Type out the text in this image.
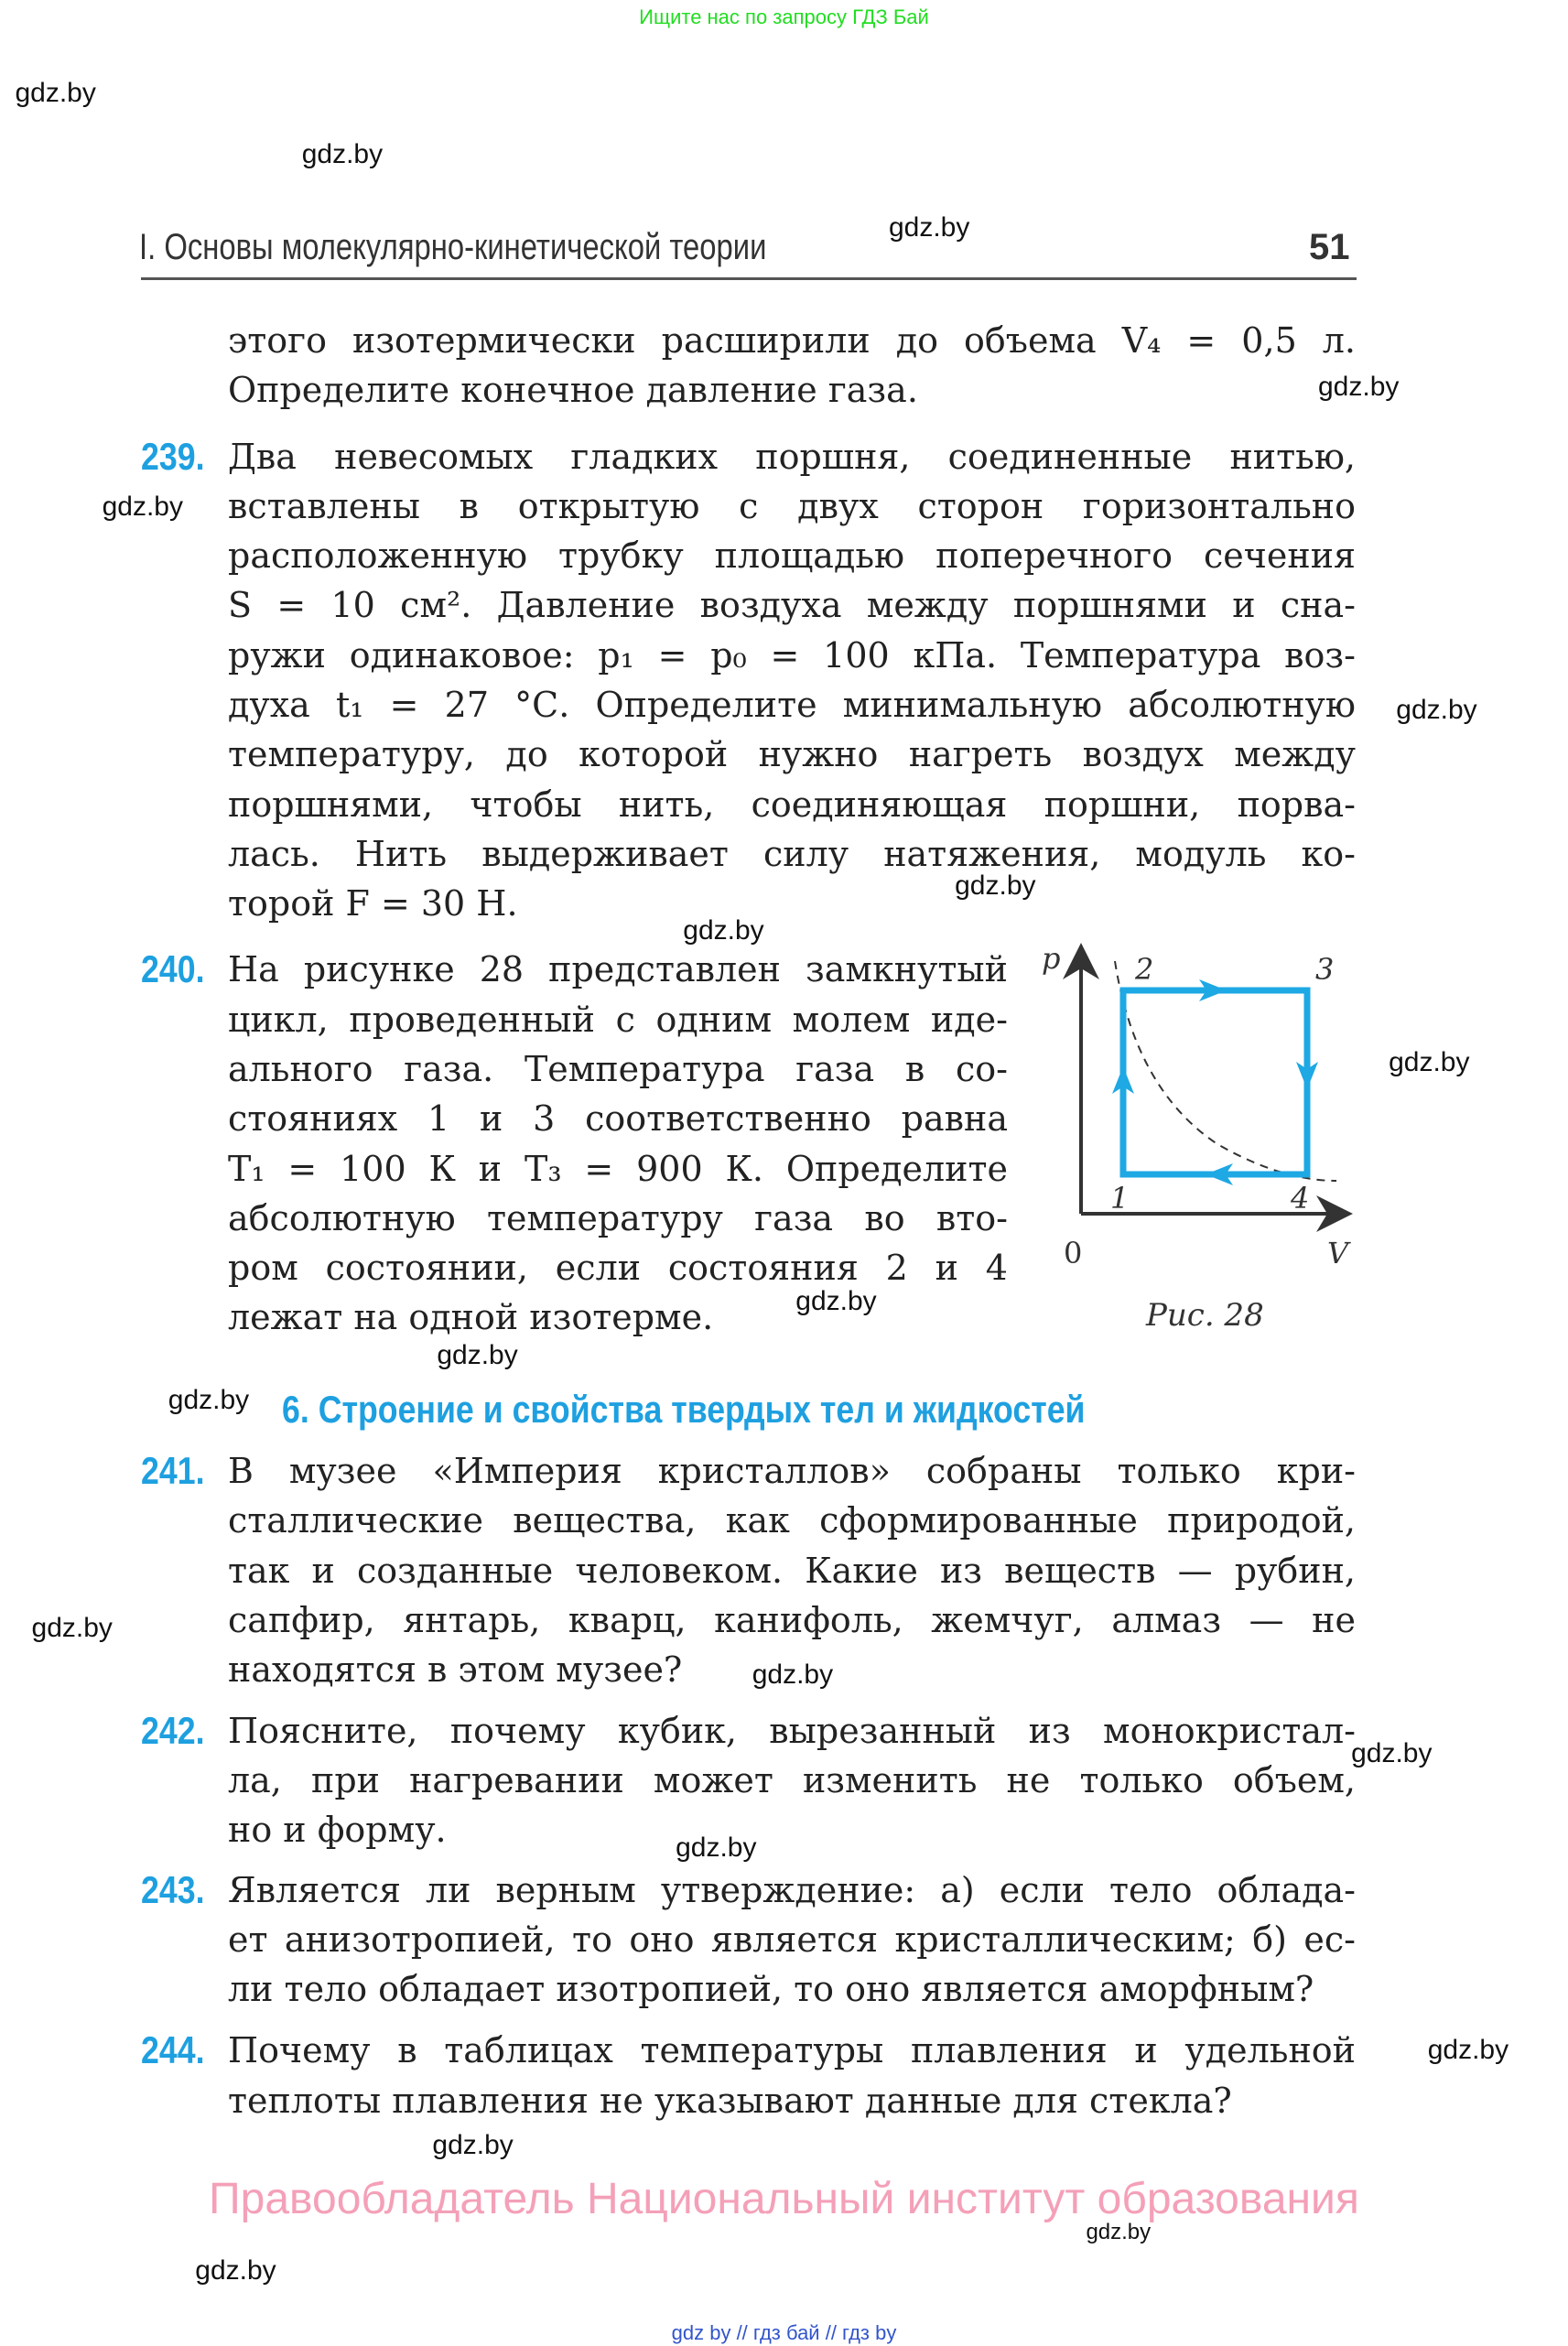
Ищите нас по запросу ГДЗ Бай
I. Основы молекулярно-кинетической теории	51
этого изотермически расширили до объема V₄ = 0,5 л.
Определите конечное давление газа.
239. Два невесомых гладких поршня, соединенные нитью,
вставлены в открытую с двух сторон горизонтально
расположенную трубку площадью поперечного сечения
S = 10 см². Давление воздуха между поршнями и сна-
ружи одинаковое: p₁ = p₀ = 100 кПа. Температура воз-
духа t₁ = 27 °С. Определите минимальную абсолютную
температуру, до которой нужно нагреть воздух между
поршнями, чтобы нить, соединяющая поршни, порва-
лась. Нить выдерживает силу натяжения, модуль ко-
торой F = 30 Н.
240. На рисунке 28 представлен замкнутый
цикл, проведенный с одним молем иде-
ального газа. Температура газа в со-
стояниях 1 и 3 соответственно равна
T₁ = 100 К и T₃ = 900 К. Определите
абсолютную температуру газа во вто-
ром состоянии, если состояния 2 и 4
лежат на одной изотерме.
241. В музее «Империя кристаллов» собраны только кри-
сталлические вещества, как сформированные природой,
так и созданные человеком. Какие из веществ — рубин,
сапфир, янтарь, кварц, канифоль, жемчуг, алмаз — не
находятся в этом музее?
242. Поясните, почему кубик, вырезанный из монокристал-
ла, при нагревании может изменить не только объем,
но и форму.
243. Является ли верным утверждение: а) если тело облада-
ет анизотропией, то оно является кристаллическим; б) ес-
ли тело обладает изотропией, то оно является аморфным?
244. Почему в таблицах температуры плавления и удельной
теплоты плавления не указывают данные для стекла?
6. Строение и свойства твердых тел и жидкостей
p	2	3
1	4
0	V
Рис. 28
Правообладатель Национальный институт образования
gdz by // гдз бай // гдз by
gdz.by
gdz.by
gdz.by
gdz.by
gdz.by
gdz.by
gdz.by
gdz.by
gdz.by
gdz.by
gdz.by
gdz.by
gdz.by
gdz.by
gdz.by
gdz.by
gdz.by
gdz.by
gdz.by
gdz.by
